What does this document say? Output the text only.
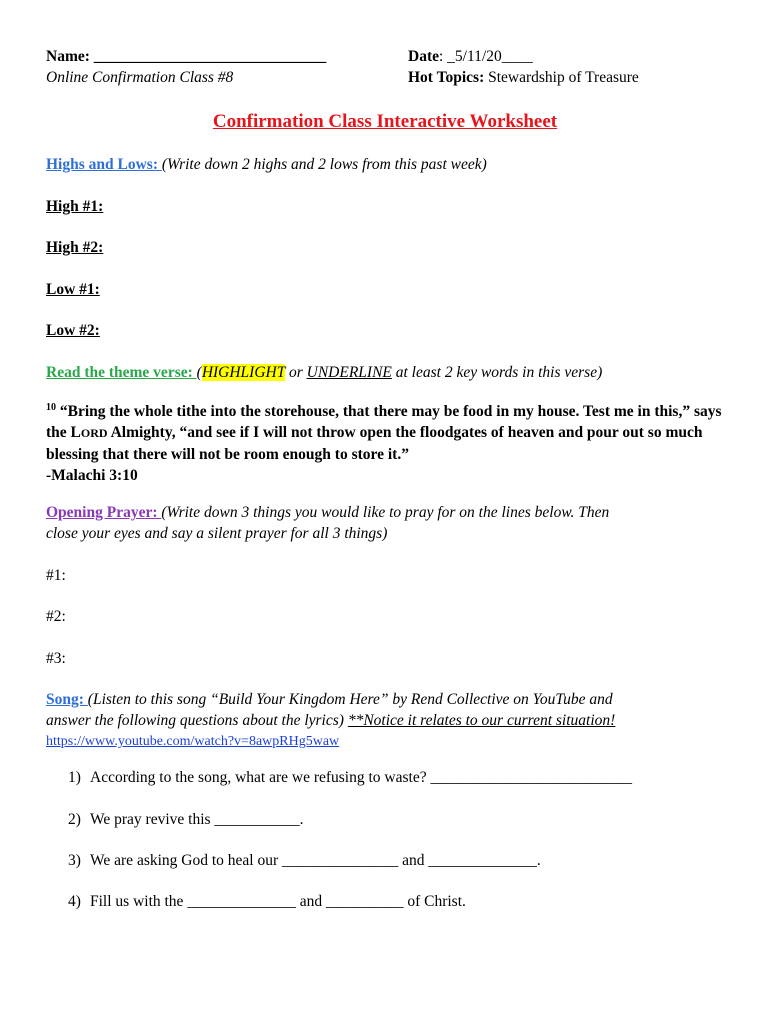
Name: ______________________________	Date: _5/11/20____
Online Confirmation Class #8	Hot Topics: Stewardship of Treasure
Confirmation Class Interactive Worksheet
Highs and Lows: (Write down 2 highs and 2 lows from this past week)
High #1:
High #2:
Low #1:
Low #2:
Read the theme verse: (HIGHLIGHT or UNDERLINE at least 2 key words in this verse)
$^{10}$ “Bring the whole tithe into the storehouse, that there may be food in my house. Test me in this,” says the LORD Almighty, “and see if I will not throw open the floodgates of heaven and pour out so much blessing that there will not be room enough to store it.”
-Malachi 3:10
Opening Prayer: (Write down 3 things you would like to pray for on the lines below. Then
close your eyes and say a silent prayer for all 3 things)
#1:
#2:
#3:
Song: (Listen to this song “Build Your Kingdom Here” by Rend Collective on YouTube and
answer the following questions about the lyrics) **Notice it relates to our current situation!
https://www.youtube.com/watch?v=8awpRHg5waw
1) According to the song, what are we refusing to waste? __________________________
2) We pray revive this ___________.
3) We are asking God to heal our _______________ and ______________.
4) Fill us with the ______________ and __________ of Christ.
